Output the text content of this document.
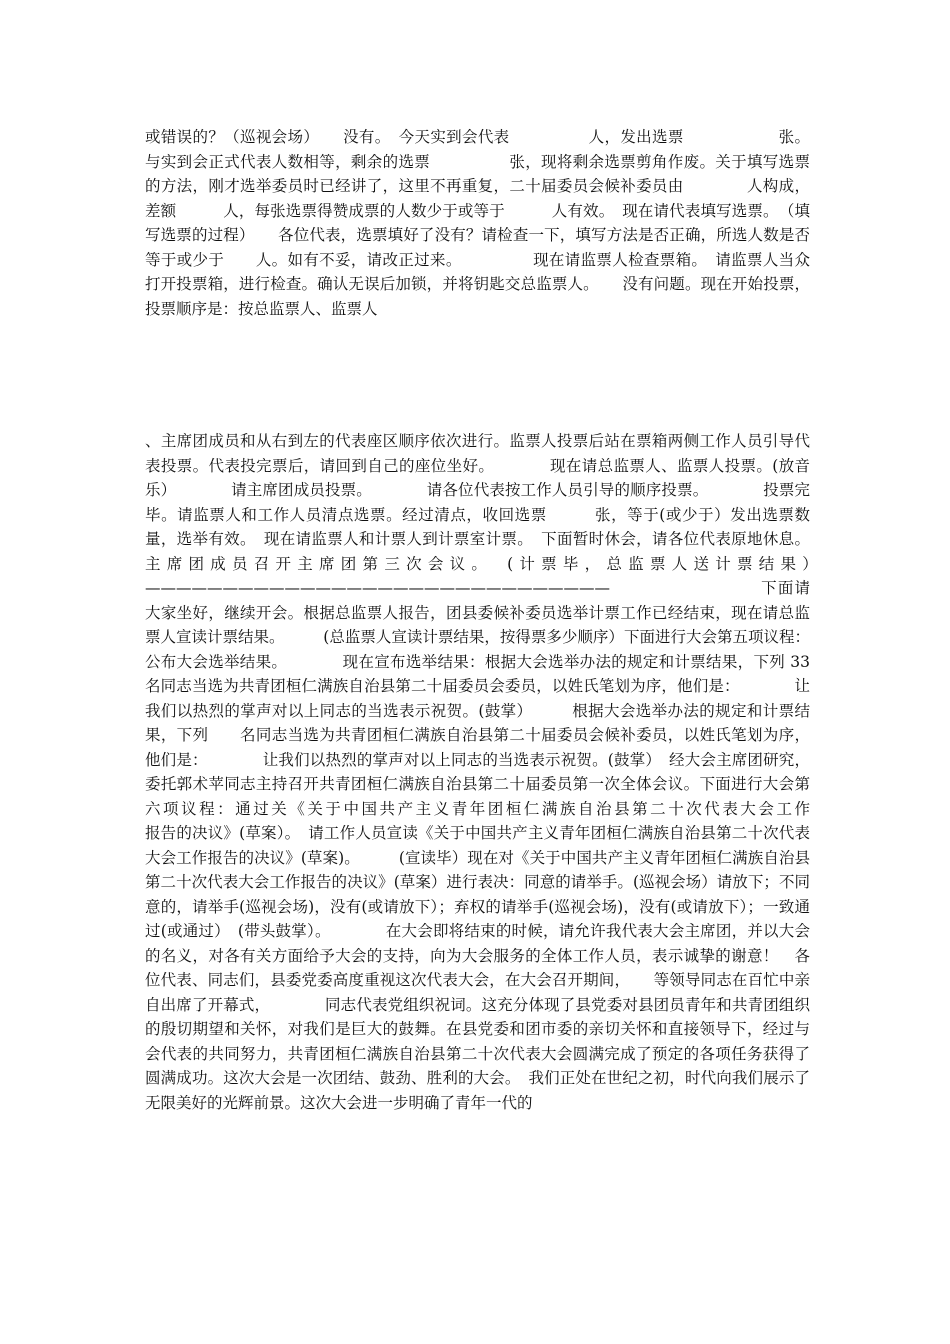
或错误的？（巡视会场）　　没有。　今天实到会代表　　　　　人，发出选票　　　　　　张。与实到会正式代表人数相等，剩余的选票　　　　　张，现将剩余选票剪角作废。关于填写选票的方法，刚才选举委员时已经讲了，这里不再重复，二十届委员会候补委员由　　　　人构成，差额　　　人，每张选票得赞成票的人数少于或等于　　　人有效。　现在请代表填写选票。　（填写选票的过程）　　各位代表，选票填好了没有？请检查一下，填写方法是否正确，所选人数是否等于或少于　　人。如有不妥，请改正过来。　　　　　现在请监票人检查票箱。　请监票人当众打开投票箱，进行检查。确认无误后加锁，并将钥匙交总监票人。　　没有问题。现在开始投票，投票顺序是：按总监票人、监票人

、主席团成员和从右到左的代表座区顺序依次进行。监票人投票后站在票箱两侧工作人员引导代表投票。代表投完票后，请回到自己的座位坐好。　　　　现在请总监票人、监票人投票。(放音乐）　　　　请主席团成员投票。　　　　请各位代表按工作人员引导的顺序投票。　　　　投票完毕。请监票人和工作人员清点选票。经过清点，收回选票　　　张，等于(或少于）发出选票数量，选举有效。　现在请监票人和计票人到计票室计票。　下面暂时休会，请各位代表原地休息。主席团成员召开主席团第三次会议。　(计票毕，总监票人送计票结果）　——————————————————————————————　　　　　　　　　下面请大家坐好，继续开会。根据总监票人报告，团县委候补委员选举计票工作已经结束，现在请总监票人宣读计票结果。　　　(总监票人宣读计票结果，按得票多少顺序）下面进行大会第五项议程：公布大会选举结果。　　　　现在宣布选举结果：根据大会选举办法的规定和计票结果，下列 33 名同志当选为共青团桓仁满族自治县第二十届委员会委员，以姓氏笔划为序，他们是：　　　　让我们以热烈的掌声对以上同志的当选表示祝贺。(鼓掌）　　　根据大会选举办法的规定和计票结果，下列　　名同志当选为共青团桓仁满族自治县第二十届委员会候补委员，以姓氏笔划为序，他们是：　　　　让我们以热烈的掌声对以上同志的当选表示祝贺。(鼓掌）　经大会主席团研究，委托郭术苹同志主持召开共青团桓仁满族自治县第二十届委员第一次全体会议。下面进行大会第六项议程：通过关《关于中国共产主义青年团桓仁满族自治县第二十次代表大会工作　　　　　　　　　报告的决议》(草案）。　请工作人员宣读《关于中国共产主义青年团桓仁满族自治县第二十次代表大会工作报告的决议》(草案)。　　　(宣读毕）现在对《关于中国共产主义青年团桓仁满族自治县第二十次代表大会工作报告的决议》(草案）进行表决：同意的请举手。(巡视会场）请放下；不同意的，请举手(巡视会场)，没有(或请放下）；弃权的请举手(巡视会场)，没有(或请放下）；一致通过(或通过）　(带头鼓掌）。　　　　在大会即将结束的时候，请允许我代表大会主席团，并以大会的名义，对各有关方面给予大会的支持，向为大会服务的全体工作人员，表示诚挚的谢意！　各位代表、同志们，县委党委高度重视这次代表大会，在大会召开期间，　　等领导同志在百忙中亲自出席了开幕式，　　　　同志代表党组织祝词。这充分体现了县党委对县团员青年和共青团组织的殷切期望和关怀，对我们是巨大的鼓舞。在县党委和团市委的亲切关怀和直接领导下，经过与会代表的共同努力，共青团桓仁满族自治县第二十次代表大会圆满完成了预定的各项任务获得了圆满成功。这次大会是一次团结、鼓劲、胜利的大会。　我们正处在世纪之初，时代向我们展示了无限美好的光辉前景。这次大会进一步明确了青年一代的
